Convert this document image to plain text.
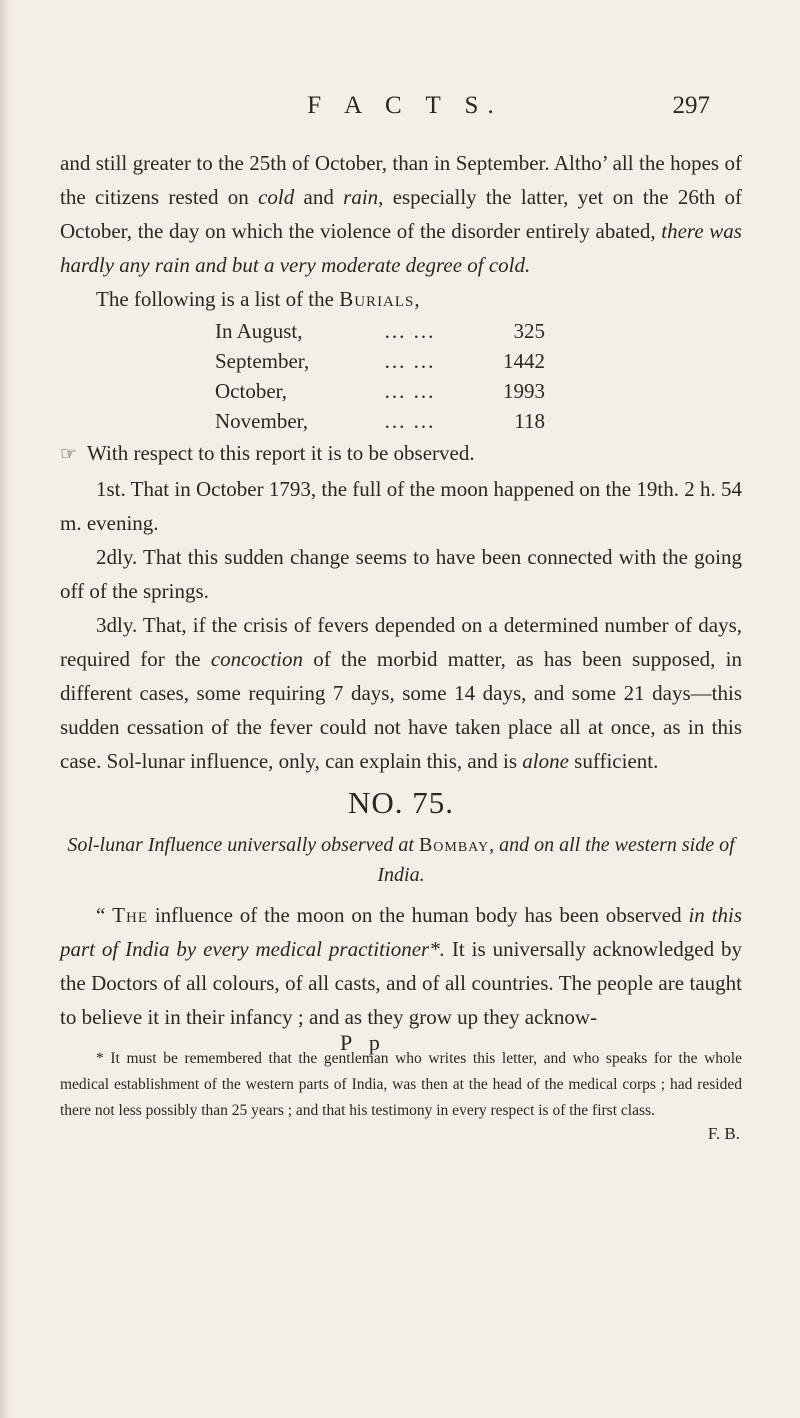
F A C T S.	297

and still greater to the 25th of October, than in September. Altho’ all the hopes of the citizens rested on cold and rain, especially the latter, yet on the 26th of October, the day on which the violence of the disorder entirely abated, there was hardly any rain and but a very moderate degree of cold.

The following is a list of the Burials,

In August,	... ...	325
September,	... ...	1442
October,	... ...	1993
November,	... ...	118

☞ With respect to this report it is to be observed.

1st. That in October 1793, the full of the moon happened on the 19th. 2 h. 54 m. evening.

2dly. That this sudden change seems to have been connected with the going off of the springs.

3dly. That, if the crisis of fevers depended on a determined number of days, required for the concoction of the morbid matter, as has been supposed, in different cases, some requiring 7 days, some 14 days, and some 21 days—this sudden cessation of the fever could not have taken place all at once, as in this case. Sol-lunar influence, only, can explain this, and is alone sufficient.

NO. 75.

Sol-lunar Influence universally observed at Bombay, and on all the western side of India.

“ The influence of the moon on the human body has been observed in this part of India by every medical practitioner*. It is universally acknowledged by the Doctors of all colours, of all casts, and of all countries. The people are taught to believe it in their infancy ; and as they grow up they acknow-

* It must be remembered that the gentleman who writes this letter, and who speaks for the whole medical establishment of the western parts of India, was then at the head of the medical corps ; had resided there not less possibly than 25 years ; and that his testimony in every respect is of the first class.

F. B.

P p
